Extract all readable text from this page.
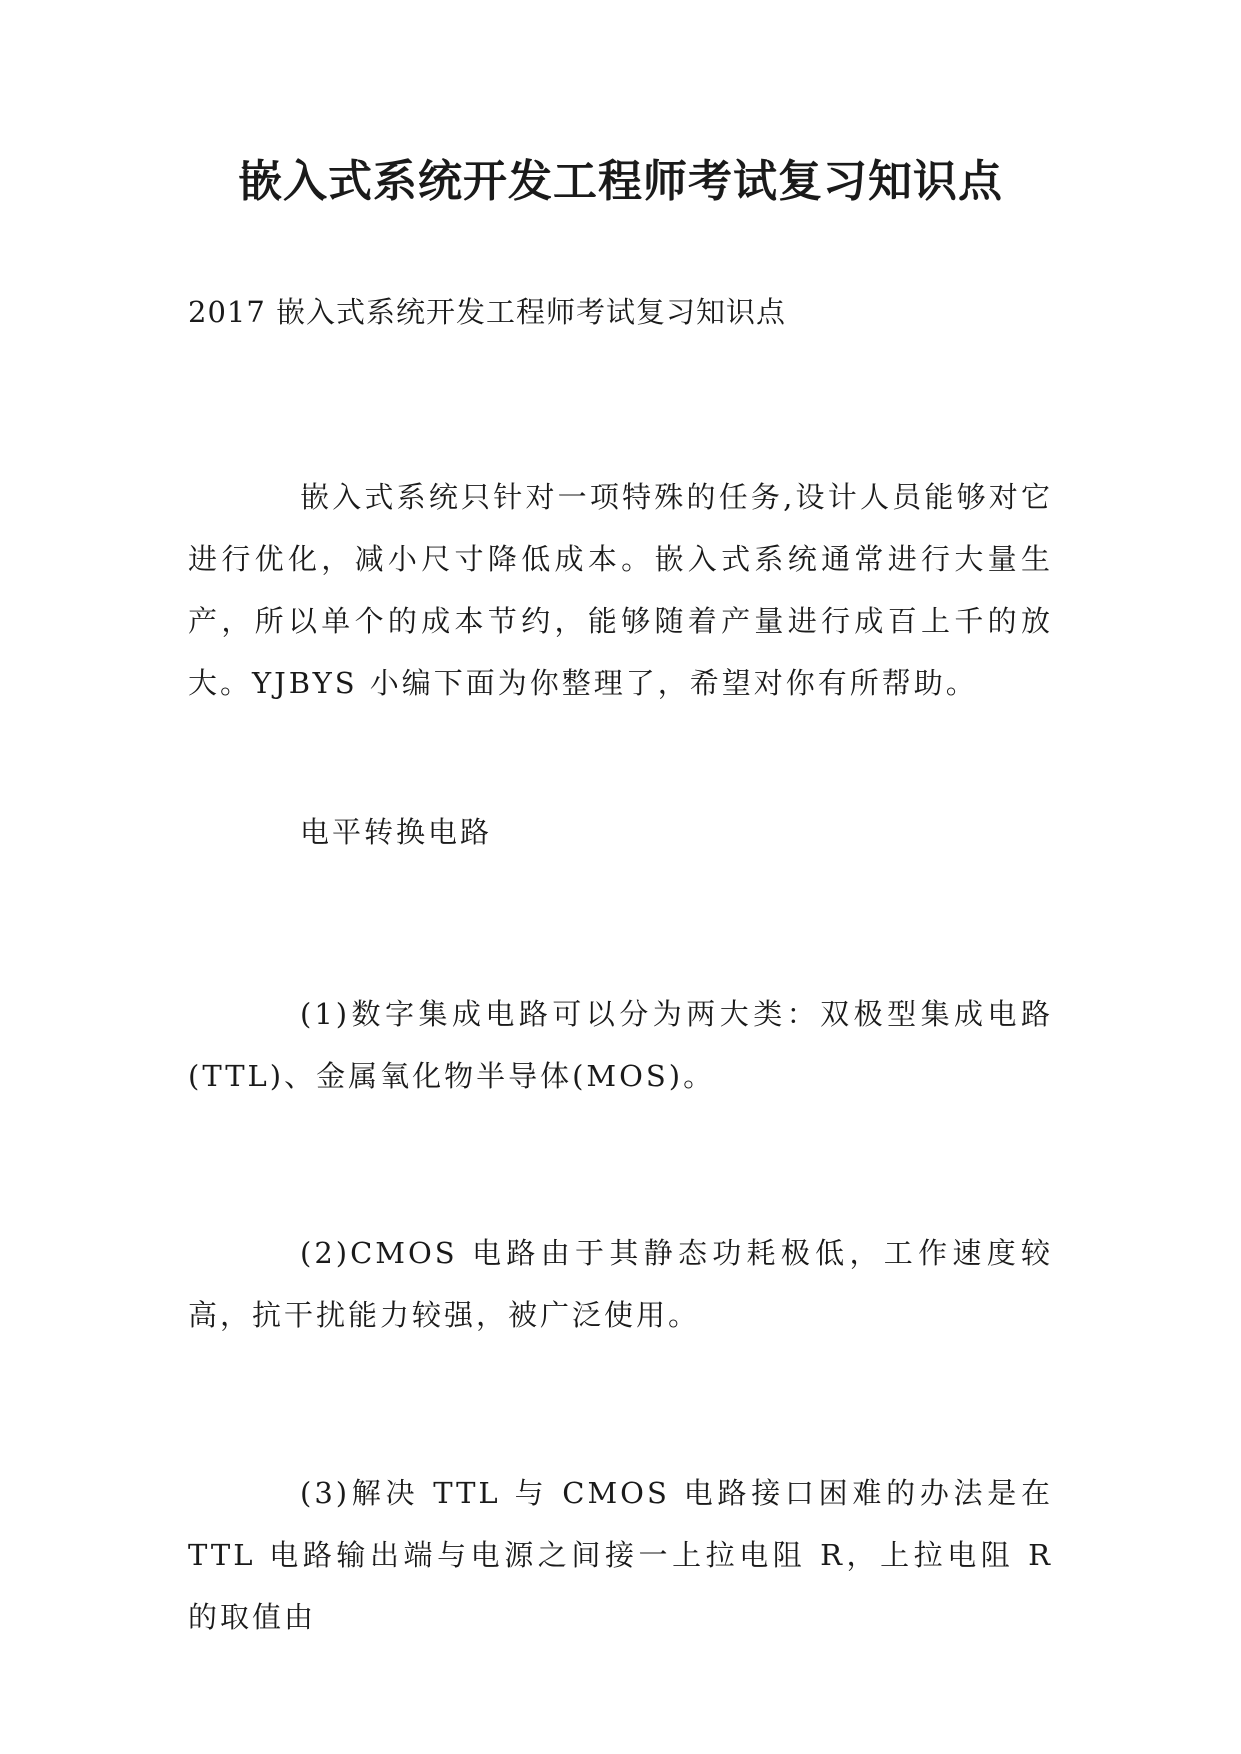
嵌入式系统开发工程师考试复习知识点

2017 嵌入式系统开发工程师考试复习知识点

嵌入式系统只针对一项特殊的任务,设计人员能够对它进行优化，减小尺寸降低成本。嵌入式系统通常进行大量生产，所以单个的成本节约，能够随着产量进行成百上千的放大。YJBYS 小编下面为你整理了，希望对你有所帮助。

电平转换电路

(1)数字集成电路可以分为两大类：双极型集成电路(TTL)、金属氧化物半导体(MOS)。

(2)CMOS 电路由于其静态功耗极低，工作速度较高，抗干扰能力较强，被广泛使用。

(3)解决 TTL 与 CMOS 电路接口困难的办法是在 TTL 电路输出端与电源之间接一上拉电阻 R，上拉电阻 R 的取值由
